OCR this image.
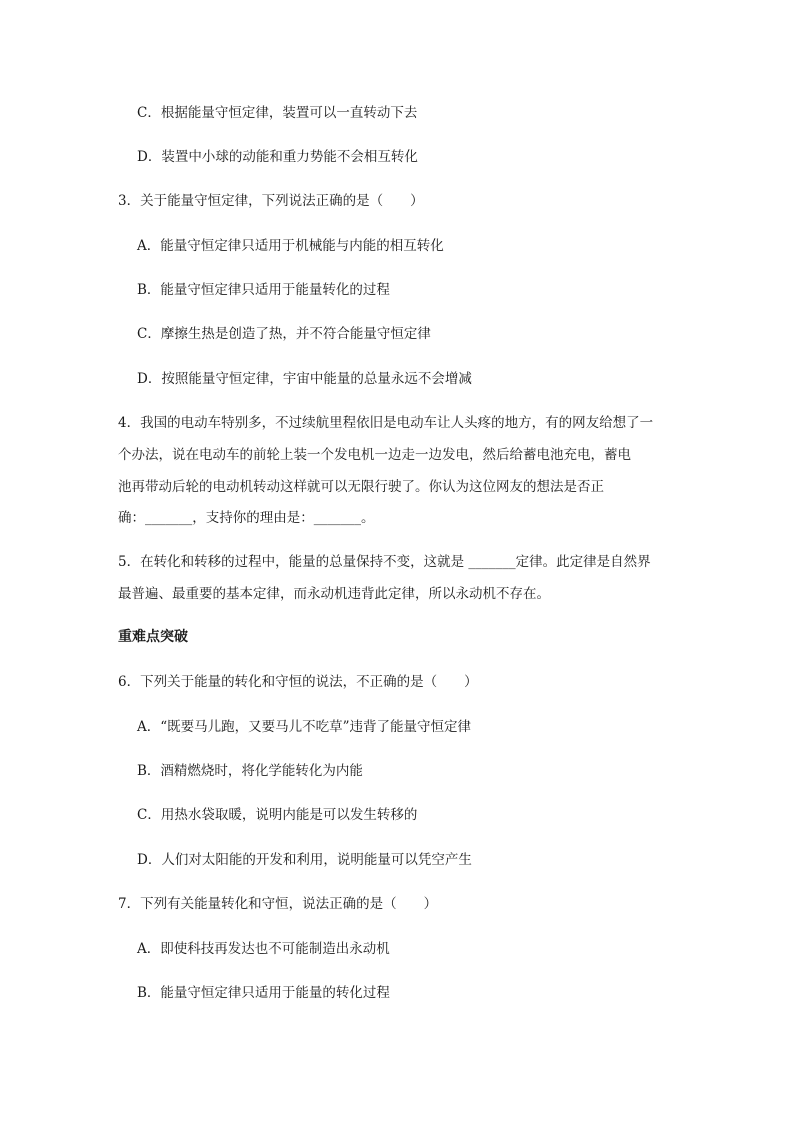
C．根据能量守恒定律，装置可以一直转动下去
D．装置中小球的动能和重力势能不会相互转化
3．关于能量守恒定律，下列说法正确的是（　　）
A．能量守恒定律只适用于机械能与内能的相互转化
B．能量守恒定律只适用于能量转化的过程
C．摩擦生热是创造了热，并不符合能量守恒定律
D．按照能量守恒定律，宇宙中能量的总量永远不会增减
4．我国的电动车特别多，不过续航里程依旧是电动车让人头疼的地方，有的网友给想了一
个办法，说在电动车的前轮上装一个发电机一边走一边发电，然后给蓄电池充电，蓄电
池再带动后轮的电动机转动这样就可以无限行驶了。你认为这位网友的想法是否正
确：_______，支持你的理由是：_______。
5．在转化和转移的过程中，能量的总量保持不变，这就是 _______定律。此定律是自然界
最普遍、最重要的基本定律，而永动机违背此定律，所以永动机不存在。
重难点突破
6．下列关于能量的转化和守恒的说法，不正确的是（　　）
A．“既要马儿跑，又要马儿不吃草”违背了能量守恒定律
B．酒精燃烧时，将化学能转化为内能
C．用热水袋取暖，说明内能是可以发生转移的
D．人们对太阳能的开发和利用，说明能量可以凭空产生
7．下列有关能量转化和守恒，说法正确的是（　　）
A．即使科技再发达也不可能制造出永动机
B．能量守恒定律只适用于能量的转化过程
